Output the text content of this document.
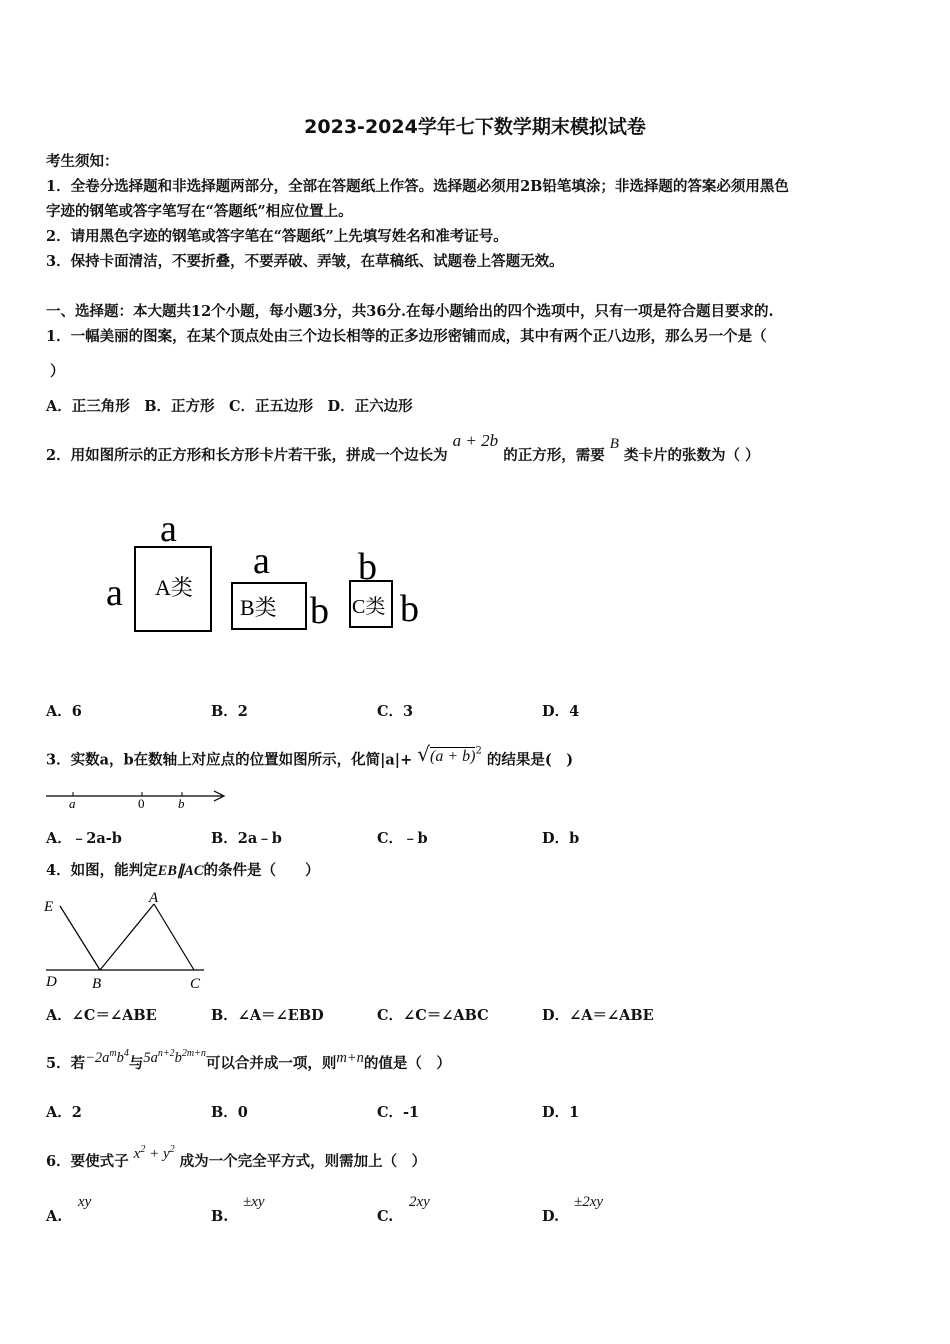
2023-2024学年七下数学期末模拟试卷
考生须知：
1．全卷分选择题和非选择题两部分，全部在答题纸上作答。选择题必须用2B铅笔填涂；非选择题的答案必须用黑色
字迹的钢笔或答字笔写在“答题纸”相应位置上。
2．请用黑色字迹的钢笔或答字笔在“答题纸”上先填写姓名和准考证号。
3．保持卡面清洁，不要折叠，不要弄破、弄皱，在草稿纸、试题卷上答题无效。
一、选择题：本大题共12个小题，每小题3分，共36分.在每小题给出的四个选项中，只有一项是符合题目要求的.
1．一幅美丽的图案，在某个顶点处由三个边长相等的正多边形密铺而成，其中有两个正八边形，那么另一个是（
）
A．正三角形　B．正方形　C．正五边形　D．正六边形
2．用如图所示的正方形和长方形卡片若干张，拼成一个边长为 a + 2b 的正方形，需要 B 类卡片的张数为（ ）
a
a A类
a
B类 b
b
C类 b
A．6	B．2	C．3	D．4
3．实数a，b在数轴上对应点的位置如图所示，化简$|a|+ √(a + b)^2$ 的结果是(　)
a	0	b
A．﹣2a-b	B．2a﹣b	C．﹣b	D．b
4．如图，能判定EB∥AC的条件是（　　）
E
A
D B	C
A．∠C＝∠ABE	B．∠A＝∠EBD	C．∠C＝∠ABC	D．∠A＝∠ABE
5．若$-2a^mb^4$与$5a^{n+2}b^{2m+n}$可以合并成一项，则m+n的值是（　）
A．2	B．0	C．-1	D．1
6．要使式子 $x^2 + y^2$ 成为一个完全平方式，则需加上（　）
A.
xy
B.
±xy
C.
2xy
D.
±2xy
